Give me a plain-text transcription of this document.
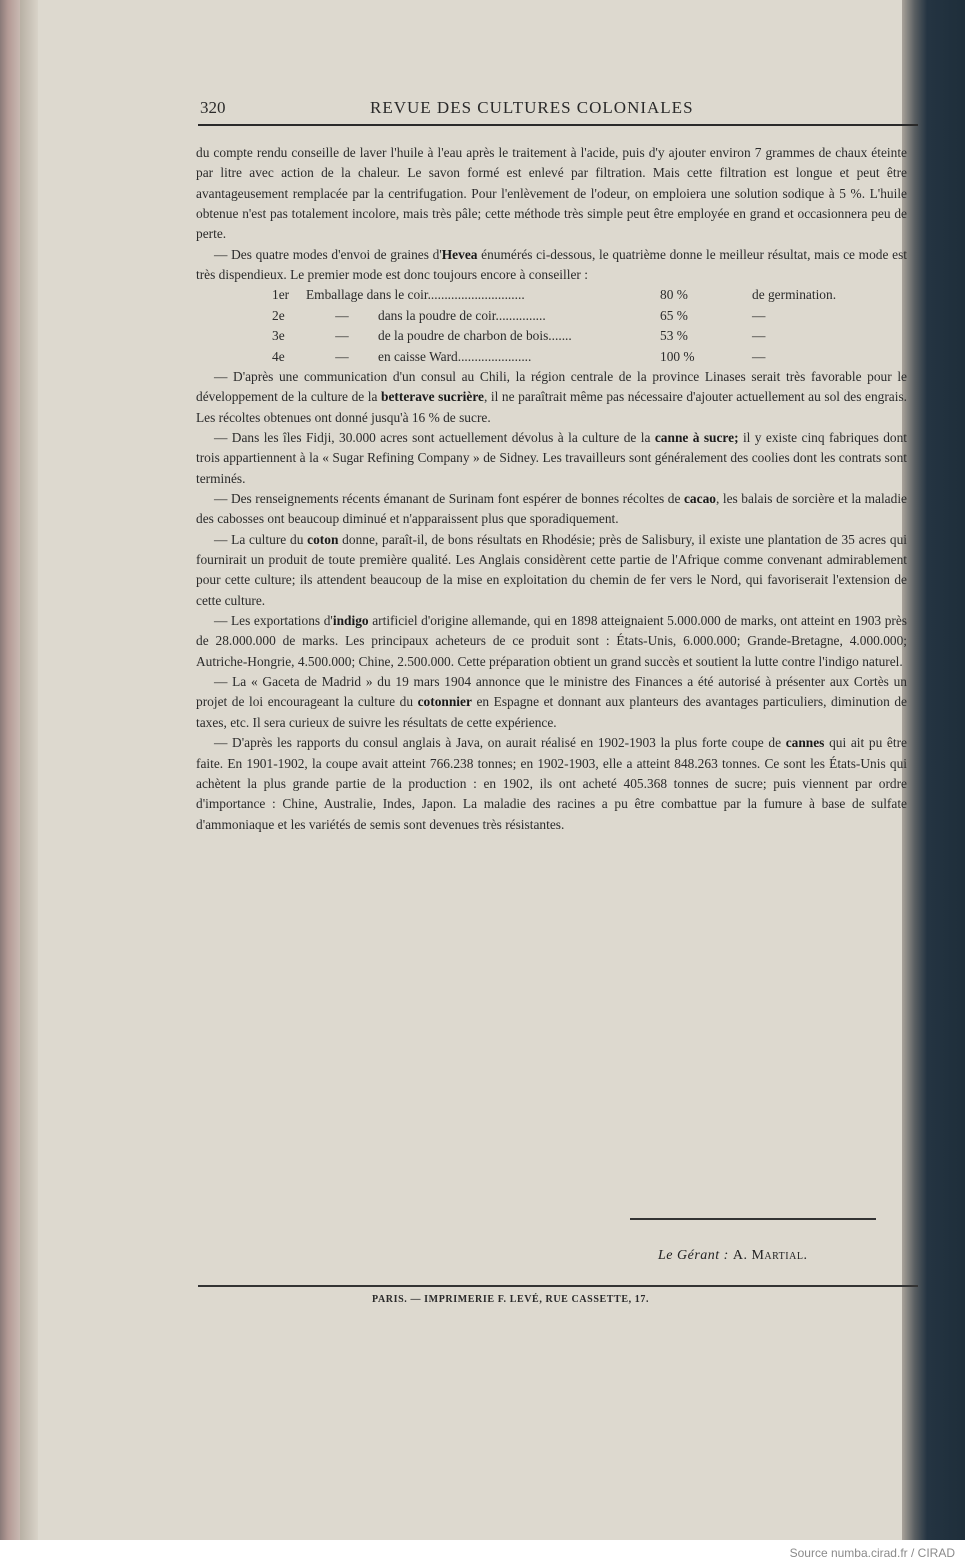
320	REVUE DES CULTURES COLONIALES

du compte rendu conseille de laver l'huile à l'eau après le traitement à l'acide, puis d'y ajouter environ 7 grammes de chaux éteinte par litre avec action de la chaleur. Le savon formé est enlevé par filtration. Mais cette filtration est longue et peut être avantageusement remplacée par la centrifugation. Pour l'enlèvement de l'odeur, on emploiera une solution sodique à 5 %. L'huile obtenue n'est pas totalement incolore, mais très pâle; cette méthode très simple peut être employée en grand et occasionnera peu de perte.

— Des quatre modes d'envoi de graines d'Hevea énumérés ci-dessous, le quatrième donne le meilleur résultat, mais ce mode est très dispendieux. Le premier mode est donc toujours encore à conseiller :

1er	Emballage dans le coir.............................	80 %	de germination.
2e	—	dans la poudre de coir...............	65 %	—
3e	—	de la poudre de charbon de bois.......	53 %	—
4e	—	en caisse Ward......................	100 %	—

— D'après une communication d'un consul au Chili, la région centrale de la province Linases serait très favorable pour le développement de la culture de la betterave sucrière, il ne paraîtrait même pas nécessaire d'ajouter actuellement au sol des engrais. Les récoltes obtenues ont donné jusqu'à 16 % de sucre.

— Dans les îles Fidji, 30.000 acres sont actuellement dévolus à la culture de la canne à sucre; il y existe cinq fabriques dont trois appartiennent à la « Sugar Refining Company » de Sidney. Les travailleurs sont généralement des coolies dont les contrats sont terminés.

— Des renseignements récents émanant de Surinam font espérer de bonnes récoltes de cacao, les balais de sorcière et la maladie des cabosses ont beaucoup diminué et n'apparaissent plus que sporadiquement.

— La culture du coton donne, paraît-il, de bons résultats en Rhodésie; près de Salisbury, il existe une plantation de 35 acres qui fournirait un produit de toute première qualité. Les Anglais considèrent cette partie de l'Afrique comme convenant admirablement pour cette culture; ils attendent beaucoup de la mise en exploitation du chemin de fer vers le Nord, qui favoriserait l'extension de cette culture.

— Les exportations d'indigo artificiel d'origine allemande, qui en 1898 atteignaient 5.000.000 de marks, ont atteint en 1903 près de 28.000.000 de marks. Les principaux acheteurs de ce produit sont : États-Unis, 6.000.000; Grande-Bretagne, 4.000.000; Autriche-Hongrie, 4.500.000; Chine, 2.500.000. Cette préparation obtient un grand succès et soutient la lutte contre l'indigo naturel.

— La « Gaceta de Madrid » du 19 mars 1904 annonce que le ministre des Finances a été autorisé à présenter aux Cortès un projet de loi encourageant la culture du cotonnier en Espagne et donnant aux planteurs des avantages particuliers, diminution de taxes, etc. Il sera curieux de suivre les résultats de cette expérience.

— D'après les rapports du consul anglais à Java, on aurait réalisé en 1902-1903 la plus forte coupe de cannes qui ait pu être faite. En 1901-1902, la coupe avait atteint 766.238 tonnes; en 1902-1903, elle a atteint 848.263 tonnes. Ce sont les États-Unis qui achètent la plus grande partie de la production : en 1902, ils ont acheté 405.368 tonnes de sucre; puis viennent par ordre d'importance : Chine, Australie, Indes, Japon. La maladie des racines a pu être combattue par la fumure à base de sulfate d'ammoniaque et les variétés de semis sont devenues très résistantes.

Le Gérant : A. Martial.
PARIS. — IMPRIMERIE F. LEVÉ, RUE CASSETTE, 17.
Source numba.cirad.fr / CIRAD
